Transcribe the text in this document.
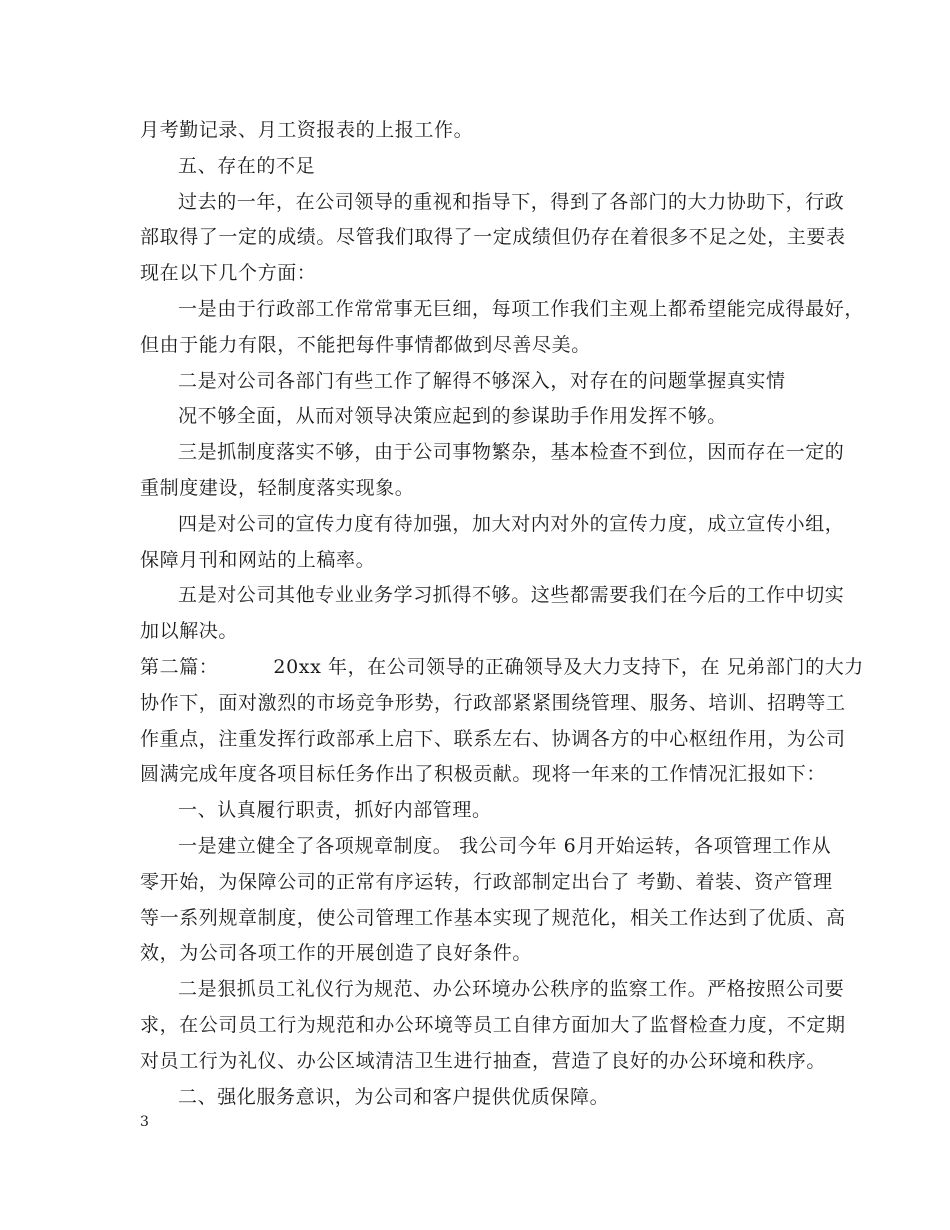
月考勤记录、月工资报表的上报工作。
五、存在的不足
过去的一年，在公司领导的重视和指导下，得到了各部门的大力协助下，行政
部取得了一定的成绩。尽管我们取得了一定成绩但仍存在着很多不足之处，主要表
现在以下几个方面：
一是由于行政部工作常常事无巨细，每项工作我们主观上都希望能完成得最好，
但由于能力有限，不能把每件事情都做到尽善尽美。
二是对公司各部门有些工作了解得不够深入，对存在的问题掌握真实情
况不够全面，从而对领导决策应起到的参谋助手作用发挥不够。
三是抓制度落实不够，由于公司事物繁杂，基本检查不到位，因而存在一定的
重制度建设，轻制度落实现象。
四是对公司的宣传力度有待加强，加大对内对外的宣传力度，成立宣传小组，
保障月刊和网站的上稿率。
五是对公司其他专业业务学习抓得不够。这些都需要我们在今后的工作中切实
加以解决。
第二篇：	20xx 年，在公司领导的正确领导及大力支持下，在 兄弟部门的大力
协作下，面对激烈的市场竞争形势，行政部紧紧围绕管理、服务、培训、招聘等工
作重点，注重发挥行政部承上启下、联系左右、协调各方的中心枢纽作用，为公司
圆满完成年度各项目标任务作出了积极贡献。现将一年来的工作情况汇报如下：
一、认真履行职责，抓好内部管理。
一是建立健全了各项规章制度。 我公司今年 6月开始运转，各项管理工作从
零开始，为保障公司的正常有序运转，行政部制定出台了 考勤、着装、资产管理
等一系列规章制度，使公司管理工作基本实现了规范化，相关工作达到了优质、高
效，为公司各项工作的开展创造了良好条件。
二是狠抓员工礼仪行为规范、办公环境办公秩序的监察工作。严格按照公司要
求，在公司员工行为规范和办公环境等员工自律方面加大了监督检查力度，不定期
对员工行为礼仪、办公区域清洁卫生进行抽查，营造了良好的办公环境和秩序。
二、强化服务意识，为公司和客户提供优质保障。
3
